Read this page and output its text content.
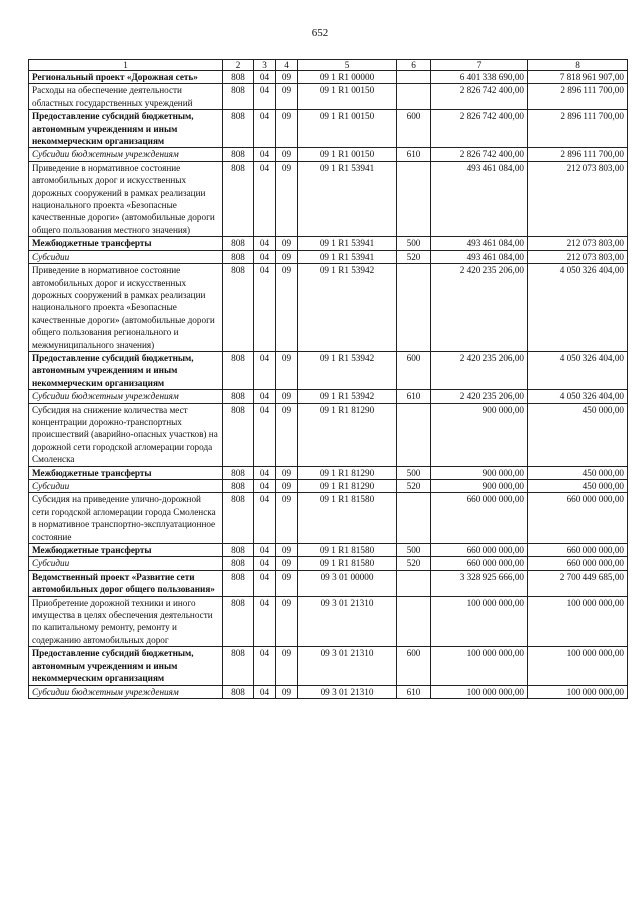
652
1	2	3	4	5	6	7	8
Региональный проект «Дорожная сеть»	808	04	09	09 1 R1 00000		6 401 338 690,00	7 818 961 907,00
Расходы на обеспечение деятельности областных государственных учреждений	808	04	09	09 1 R1 00150		2 826 742 400,00	2 896 111 700,00
Предоставление субсидий бюджетным, автономным учреждениям и иным некоммерческим организациям	808	04	09	09 1 R1 00150	600	2 826 742 400,00	2 896 111 700,00
Субсидии бюджетным учреждениям	808	04	09	09 1 R1 00150	610	2 826 742 400,00	2 896 111 700,00
Приведение в нормативное состояние автомобильных дорог и искусственных дорожных сооружений в рамках реализации национального проекта «Безопасные качественные дороги» (автомобильные дороги общего пользования местного значения)	808	04	09	09 1 R1 53941		493 461 084,00	212 073 803,00
Межбюджетные трансферты	808	04	09	09 1 R1 53941	500	493 461 084,00	212 073 803,00
Субсидии	808	04	09	09 1 R1 53941	520	493 461 084,00	212 073 803,00
Приведение в нормативное состояние автомобильных дорог и искусственных дорожных сооружений в рамках реализации национального проекта «Безопасные качественные дороги» (автомобильные дороги общего пользования регионального и межмуниципального значения)	808	04	09	09 1 R1 53942		2 420 235 206,00	4 050 326 404,00
Предоставление субсидий бюджетным, автономным учреждениям и иным некоммерческим организациям	808	04	09	09 1 R1 53942	600	2 420 235 206,00	4 050 326 404,00
Субсидии бюджетным учреждениям	808	04	09	09 1 R1 53942	610	2 420 235 206,00	4 050 326 404,00
Субсидия на снижение количества мест концентрации дорожно-транспортных происшествий (аварийно-опасных участков) на дорожной сети городской агломерации города Смоленска	808	04	09	09 1 R1 81290		900 000,00	450 000,00
Межбюджетные трансферты	808	04	09	09 1 R1 81290	500	900 000,00	450 000,00
Субсидии	808	04	09	09 1 R1 81290	520	900 000,00	450 000,00
Субсидия на приведение улично-дорожной сети городской агломерации города Смоленска в нормативное транспортно-эксплуатационное состояние	808	04	09	09 1 R1 81580		660 000 000,00	660 000 000,00
Межбюджетные трансферты	808	04	09	09 1 R1 81580	500	660 000 000,00	660 000 000,00
Субсидии	808	04	09	09 1 R1 81580	520	660 000 000,00	660 000 000,00
Ведомственный проект «Развитие сети автомобильных дорог общего пользования»	808	04	09	09 3 01 00000		3 328 925 666,00	2 700 449 685,00
Приобретение дорожной техники и иного имущества в целях обеспечения деятельности по капитальному ремонту, ремонту и содержанию автомобильных дорог	808	04	09	09 3 01 21310		100 000 000,00	100 000 000,00
Предоставление субсидий бюджетным, автономным учреждениям и иным некоммерческим организациям	808	04	09	09 3 01 21310	600	100 000 000,00	100 000 000,00
Субсидии бюджетным учреждениям	808	04	09	09 3 01 21310	610	100 000 000,00	100 000 000,00
